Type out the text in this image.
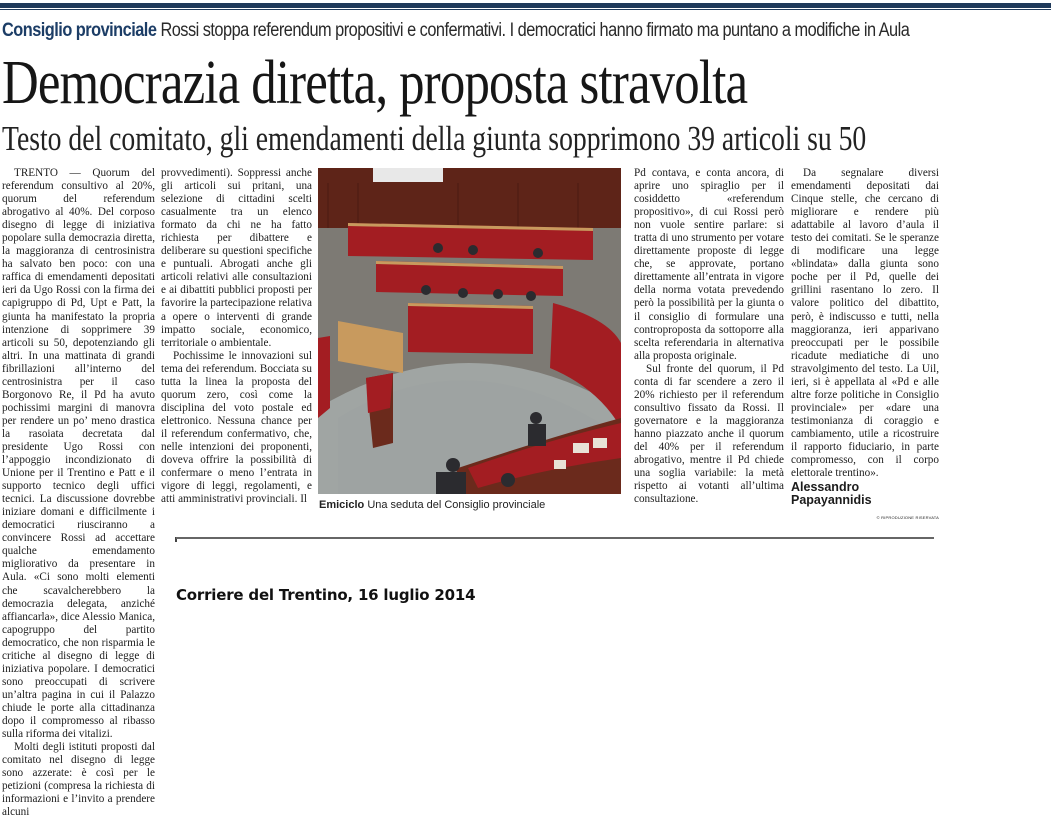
Consiglio provinciale Rossi stoppa referendum propositivi e confermativi. I democratici hanno firmato ma puntano a modifiche in Aula
Democrazia diretta, proposta stravolta
Testo del comitato, gli emendamenti della giunta sopprimono 39 articoli su 50

TRENTO — Quorum del referendum consultivo al 20%, quorum del referendum abrogativo al 40%. Del corposo disegno di legge di iniziativa popolare sulla democrazia diretta, la maggioranza di centrosinistra ha salvato ben poco: con una raffica di emendamenti depositati ieri da Ugo Rossi con la firma dei capigruppo di Pd, Upt e Patt, la giunta ha manifestato la propria intenzione di sopprimere 39 articoli su 50, depotenziando gli altri. In una mattinata di grandi fibrillazioni all’interno del centrosinistra per il caso Borgonovo Re, il Pd ha avuto pochissimi margini di manovra per rendere un po’ meno drastica la rasoiata decretata dal presidente Ugo Rossi con l’appoggio incondizionato di Unione per il Trentino e Patt e il supporto tecnico degli uffici tecnici. La discussione dovrebbe iniziare domani e difficilmente i democratici riusciranno a convincere Rossi ad accettare qualche emendamento migliorativo da presentare in Aula. «Ci sono molti elementi che scavalcherebbero la democrazia delegata, anziché affiancarla», dice Alessio Manica, capogruppo del partito democratico, che non risparmia le critiche al disegno di legge di iniziativa popolare. I democratici sono preoccupati di scrivere un’altra pagina in cui il Palazzo chiude le porte alla cittadinanza dopo il compromesso al ribasso sulla riforma dei vitalizi.

Molti degli istituti proposti dal comitato nel disegno di legge sono azzerate: è così per le petizioni (compresa la richiesta di informazioni e l’invito a prendere alcuni

provvedimenti). Soppressi anche gli articoli sui pritani, una selezione di cittadini scelti casualmente tra un elenco formato da chi ne ha fatto richiesta per dibattere e deliberare su questioni specifiche e puntuali. Abrogati anche gli articoli relativi alle consultazioni e ai dibattiti pubblici proposti per favorire la partecipazione relativa a opere o interventi di grande impatto sociale, economico, territoriale o ambientale.

Pochissime le innovazioni sul tema dei referendum. Bocciata su tutta la linea la proposta del quorum zero, così come la disciplina del voto postale ed elettronico. Nessuna chance per il referendum confermativo, che, nelle intenzioni dei proponenti, doveva offrire la possibilità di confermare o meno l’entrata in vigore di leggi, regolamenti, e atti amministrativi provinciali. Il	Emiciclo Una seduta del Consiglio provinciale

Pd contava, e conta ancora, di aprire uno spiraglio per il cosiddetto «referendum propositivo», di cui Rossi però non vuole sentire parlare: si tratta di uno strumento per votare direttamente proposte di legge che, se approvate, portano direttamente all’entrata in vigore della norma votata prevedendo però la possibilità per la giunta o il consiglio di formulare una controproposta da sottoporre alla scelta referendaria in alternativa alla proposta originale.

Sul fronte del quorum, il Pd conta di far scendere a zero il 20% richiesto per il referendum consultivo fissato da Rossi. Il governatore e la maggioranza hanno piazzato anche il quorum del 40% per il referendum abrogativo, mentre il Pd chiede una soglia variabile: la metà rispetto ai votanti all’ultima consultazione.

Da segnalare diversi emendamenti depositati dai Cinque stelle, che cercano di migliorare e rendere più adattabile al lavoro d’aula il testo dei comitati. Se le speranze di modificare una legge «blindata» dalla giunta sono poche per il Pd, quelle dei grillini rasentano lo zero. Il valore politico del dibattito, però, è indiscusso e tutti, nella maggioranza, ieri apparivano preoccupati per le possibile ricadute mediatiche di uno stravolgimento del testo. La Uil, ieri, si è appellata al «Pd e alle altre forze politiche in Consiglio provinciale» per «dare una testimonianza di coraggio e cambiamento, utile a ricostruire il rapporto fiduciario, in parte compromesso, con il corpo elettorale trentino».

Alessandro Papayannidis
© RIPRODUZIONE RISERVATA
Corriere del Trentino, 16 luglio 2014
